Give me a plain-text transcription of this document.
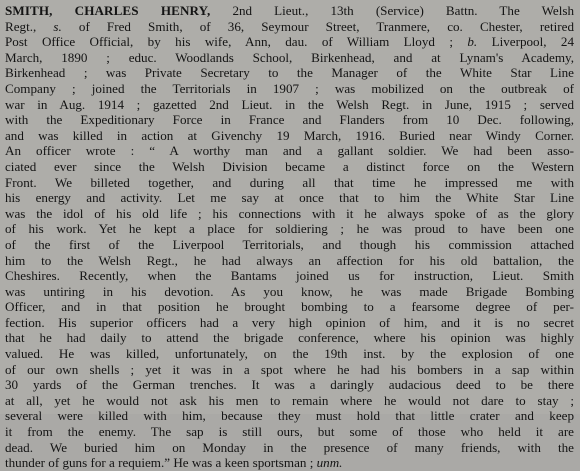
SMITH, CHARLES HENRY, 2nd Lieut., 13th (Service) Battn. The Welsh
Regt., s. of Fred Smith, of 36, Seymour Street, Tranmere, co. Chester, retired
Post Office Official, by his wife, Ann, dau. of William Lloyd ; b. Liverpool, 24
March, 1890 ; educ. Woodlands School, Birkenhead, and at Lynam's Academy,
Birkenhead ; was Private Secretary to the Manager of the White Star Line
Company ; joined the Territorials in 1907 ; was mobilized on the outbreak of
war in Aug. 1914 ; gazetted 2nd Lieut. in the Welsh Regt. in June, 1915 ; served
with the Expeditionary Force in France and Flanders from 10 Dec. following,
and was killed in action at Givenchy 19 March, 1916. Buried near Windy Corner.
An officer wrote : “ A worthy man and a gallant soldier. We had been asso-
ciated ever since the Welsh Division became a distinct force on the Western
Front. We billeted together, and during all that time he impressed me with
his energy and activity. Let me say at once that to him the White Star Line
was the idol of his old life ; his connections with it he always spoke of as the glory
of his work. Yet he kept a place for soldiering ; he was proud to have been one
of the first of the Liverpool Territorials, and though his commission attached
him to the Welsh Regt., he had always an affection for his old battalion, the
Cheshires. Recently, when the Bantams joined us for instruction, Lieut. Smith
was untiring in his devotion. As you know, he was made Brigade Bombing
Officer, and in that position he brought bombing to a fearsome degree of per-
fection. His superior officers had a very high opinion of him, and it is no secret
that he had daily to attend the brigade conference, where his opinion was highly
valued. He was killed, unfortunately, on the 19th inst. by the explosion of one
of our own shells ; yet it was in a spot where he had his bombers in a sap within
30 yards of the German trenches. It was a daringly audacious deed to be there
at all, yet he would not ask his men to remain where he would not dare to stay ;
several were killed with him, because they must hold that little crater and keep
it from the enemy. The sap is still ours, but some of those who held it are
dead. We buried him on Monday in the presence of many friends, with the
thunder of guns for a requiem.” He was a keen sportsman ; unm.
